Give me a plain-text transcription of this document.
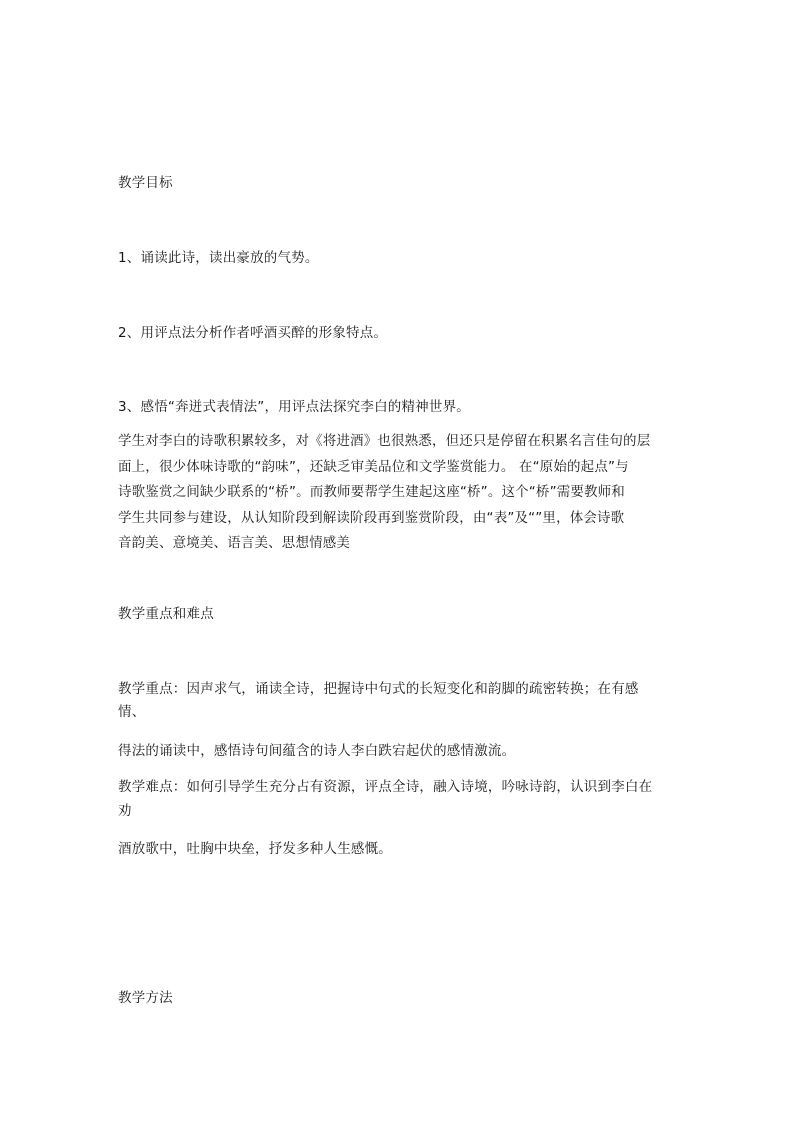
教学目标
1、诵读此诗，读出豪放的气势。
2、用评点法分析作者呼酒买醉的形象特点。
3、感悟“奔迸式表情法”，用评点法探究李白的精神世界。
学生对李白的诗歌积累较多，对《将进酒》也很熟悉，但还只是停留在积累名言佳句的层
面上，很少体味诗歌的“韵味”，还缺乏审美品位和文学鉴赏能力。 在“原始的起点”与
诗歌鉴赏之间缺少联系的“桥”。而教师要帮学生建起这座“桥”。这个“桥”需要教师和
学生共同参与建设，从认知阶段到解读阶段再到鉴赏阶段，由“表”及“”里，体会诗歌
音韵美、意境美、语言美、思想情感美
教学重点和难点
教学重点：因声求气，诵读全诗，把握诗中句式的长短变化和韵脚的疏密转换；在有感
情、
得法的诵读中，感悟诗句间蕴含的诗人李白跌宕起伏的感情激流。
教学难点：如何引导学生充分占有资源，评点全诗，融入诗境，吟咏诗韵，认识到李白在
劝
酒放歌中，吐胸中块垒，抒发多种人生感慨。
教学方法
